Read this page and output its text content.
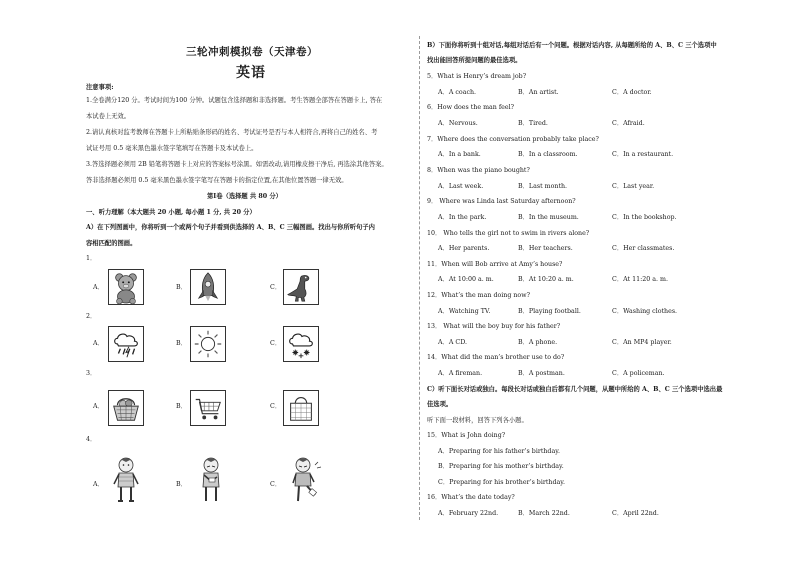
三轮冲刺模拟卷（天津卷）
英语
注意事项:
1.全卷满分120 分。考试时间为100 分钟。试题包含选择题和非选择题。考生答题全部答在答题卡上, 答在
本试卷上无效。
2.请认真核对监考教师在答题卡上所粘贴条形码的姓名、考试证号是否与本人相符合,再将自己的姓名、考
试证号用 0.5 毫米黑色墨水签字笔填写在答题卡及本试卷上。
3.答选择题必须用 2B 铅笔将答题卡上对应的答案标号涂黑。如需改动,请用橡皮擦干净后, 再选涂其他答案。
答非选择题必须用 0.5 毫米黑色墨水签字笔写在答题卡的指定位置,在其他位置答题一律无效。
第I卷（选择题 共 80 分）
一、听力理解（本大题共 20 小题, 每小题 1 分, 共 20 分）
A）在下列图画中，你将听到一个或两个句子并看到供选择的 A、B、C 三幅图画。找出与你所听句子内
容相匹配的图画。
1．
A．	B．	C．
2．
A．	B．	C．
3．
A．	B．	C．
4．
A．	B．	C．
B）下面你将听到十组对话,每组对话后有一个问题。根据对话内容, 从每题所给的 A、B、C 三个选项中
找出能回答所提问题的最佳选项。
5．What is Henry’s dream job?
A．A coach.	B．An artist.	C．A doctor.
6．How does the man feel?
A．Nervous.	B．Tired.	C．Afraid.
7．Where does the conversation probably take place?
A．In a bank.	B．In a classroom.	C．In a restaurant.
8．When was the piano bought?
A．Last week.	B．Last month.	C．Last year.
9． Where was Linda last Saturday afternoon?
A．In the park.	B．In the museum.	C．In the bookshop.
10． Who tells the girl not to swim in rivers alone?
A．Her parents.	B．Her teachers.	C．Her classmates.
11．When will Bob arrive at Amy’s house?
A．At 10:00 a. m.	B．At 10:20 a. m.	C．At 11:20 a. m.
12．What’s the man doing now?
A．Watching TV.	B．Playing football.	C．Washing clothes.
13． What will the boy buy for his father?
A．A CD.	B．A phone.	C．An MP4 player.
14．What did the man’s brother use to do?
A．A fireman.	B．A postman.	C．A policeman.
C）听下面长对话或独白。每段长对话或独白后都有几个问题，从题中所给的 A、B、C 三个选项中选出最
佳选项。
听下面一段材料，回答下列各小题。
15．What is John doing?
A．Preparing for his father’s birthday.
B．Preparing for his mother’s birthday.
C．Preparing for his brother’s birthday.
16．What’s the date today?
A．February 22nd.	B．March 22nd.	C．April 22nd.
